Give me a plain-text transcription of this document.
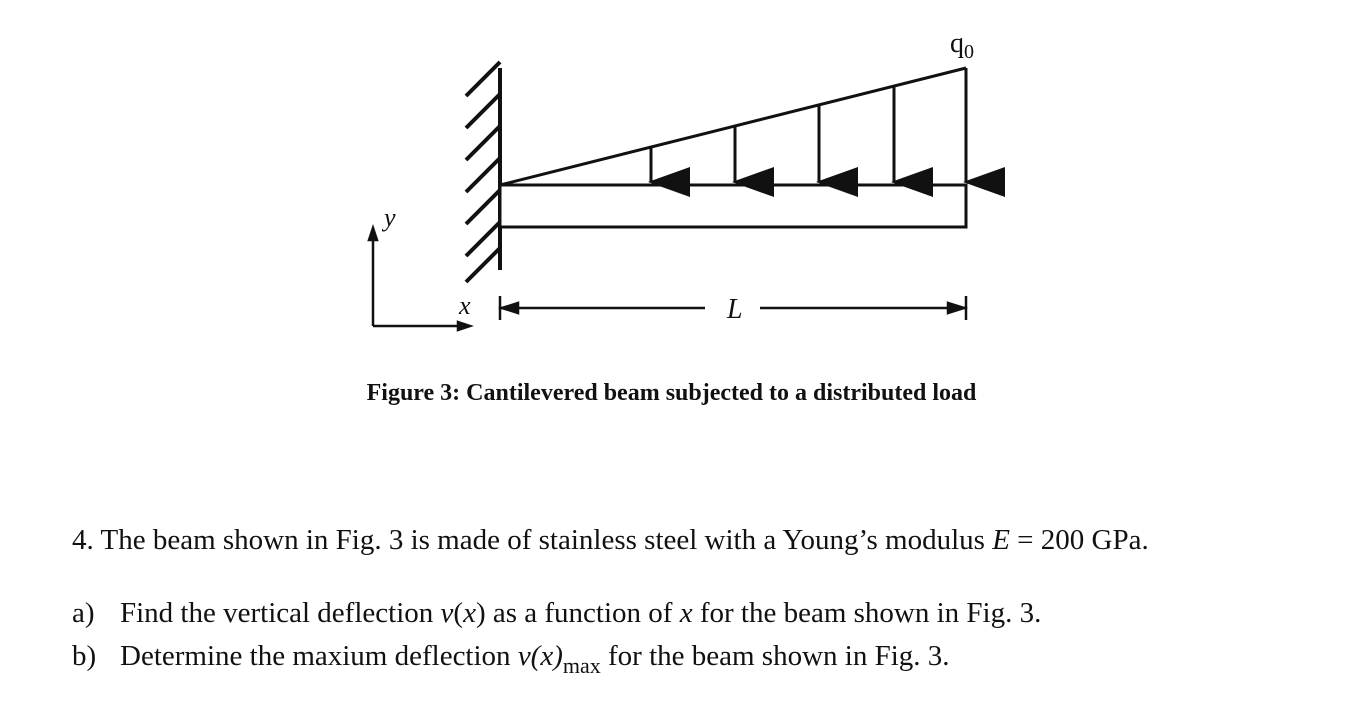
$q_0$
y
x	L
Figure 3: Cantilevered beam subjected to a distributed load
4. The beam shown in Fig. 3 is made of stainless steel with a Young’s modulus E = 200 GPa.
a) Find the vertical deflection v(x) as a function of x for the beam shown in Fig. 3.
b) Determine the maxium deflection $v(x)_{max}$ for the beam shown in Fig. 3.
